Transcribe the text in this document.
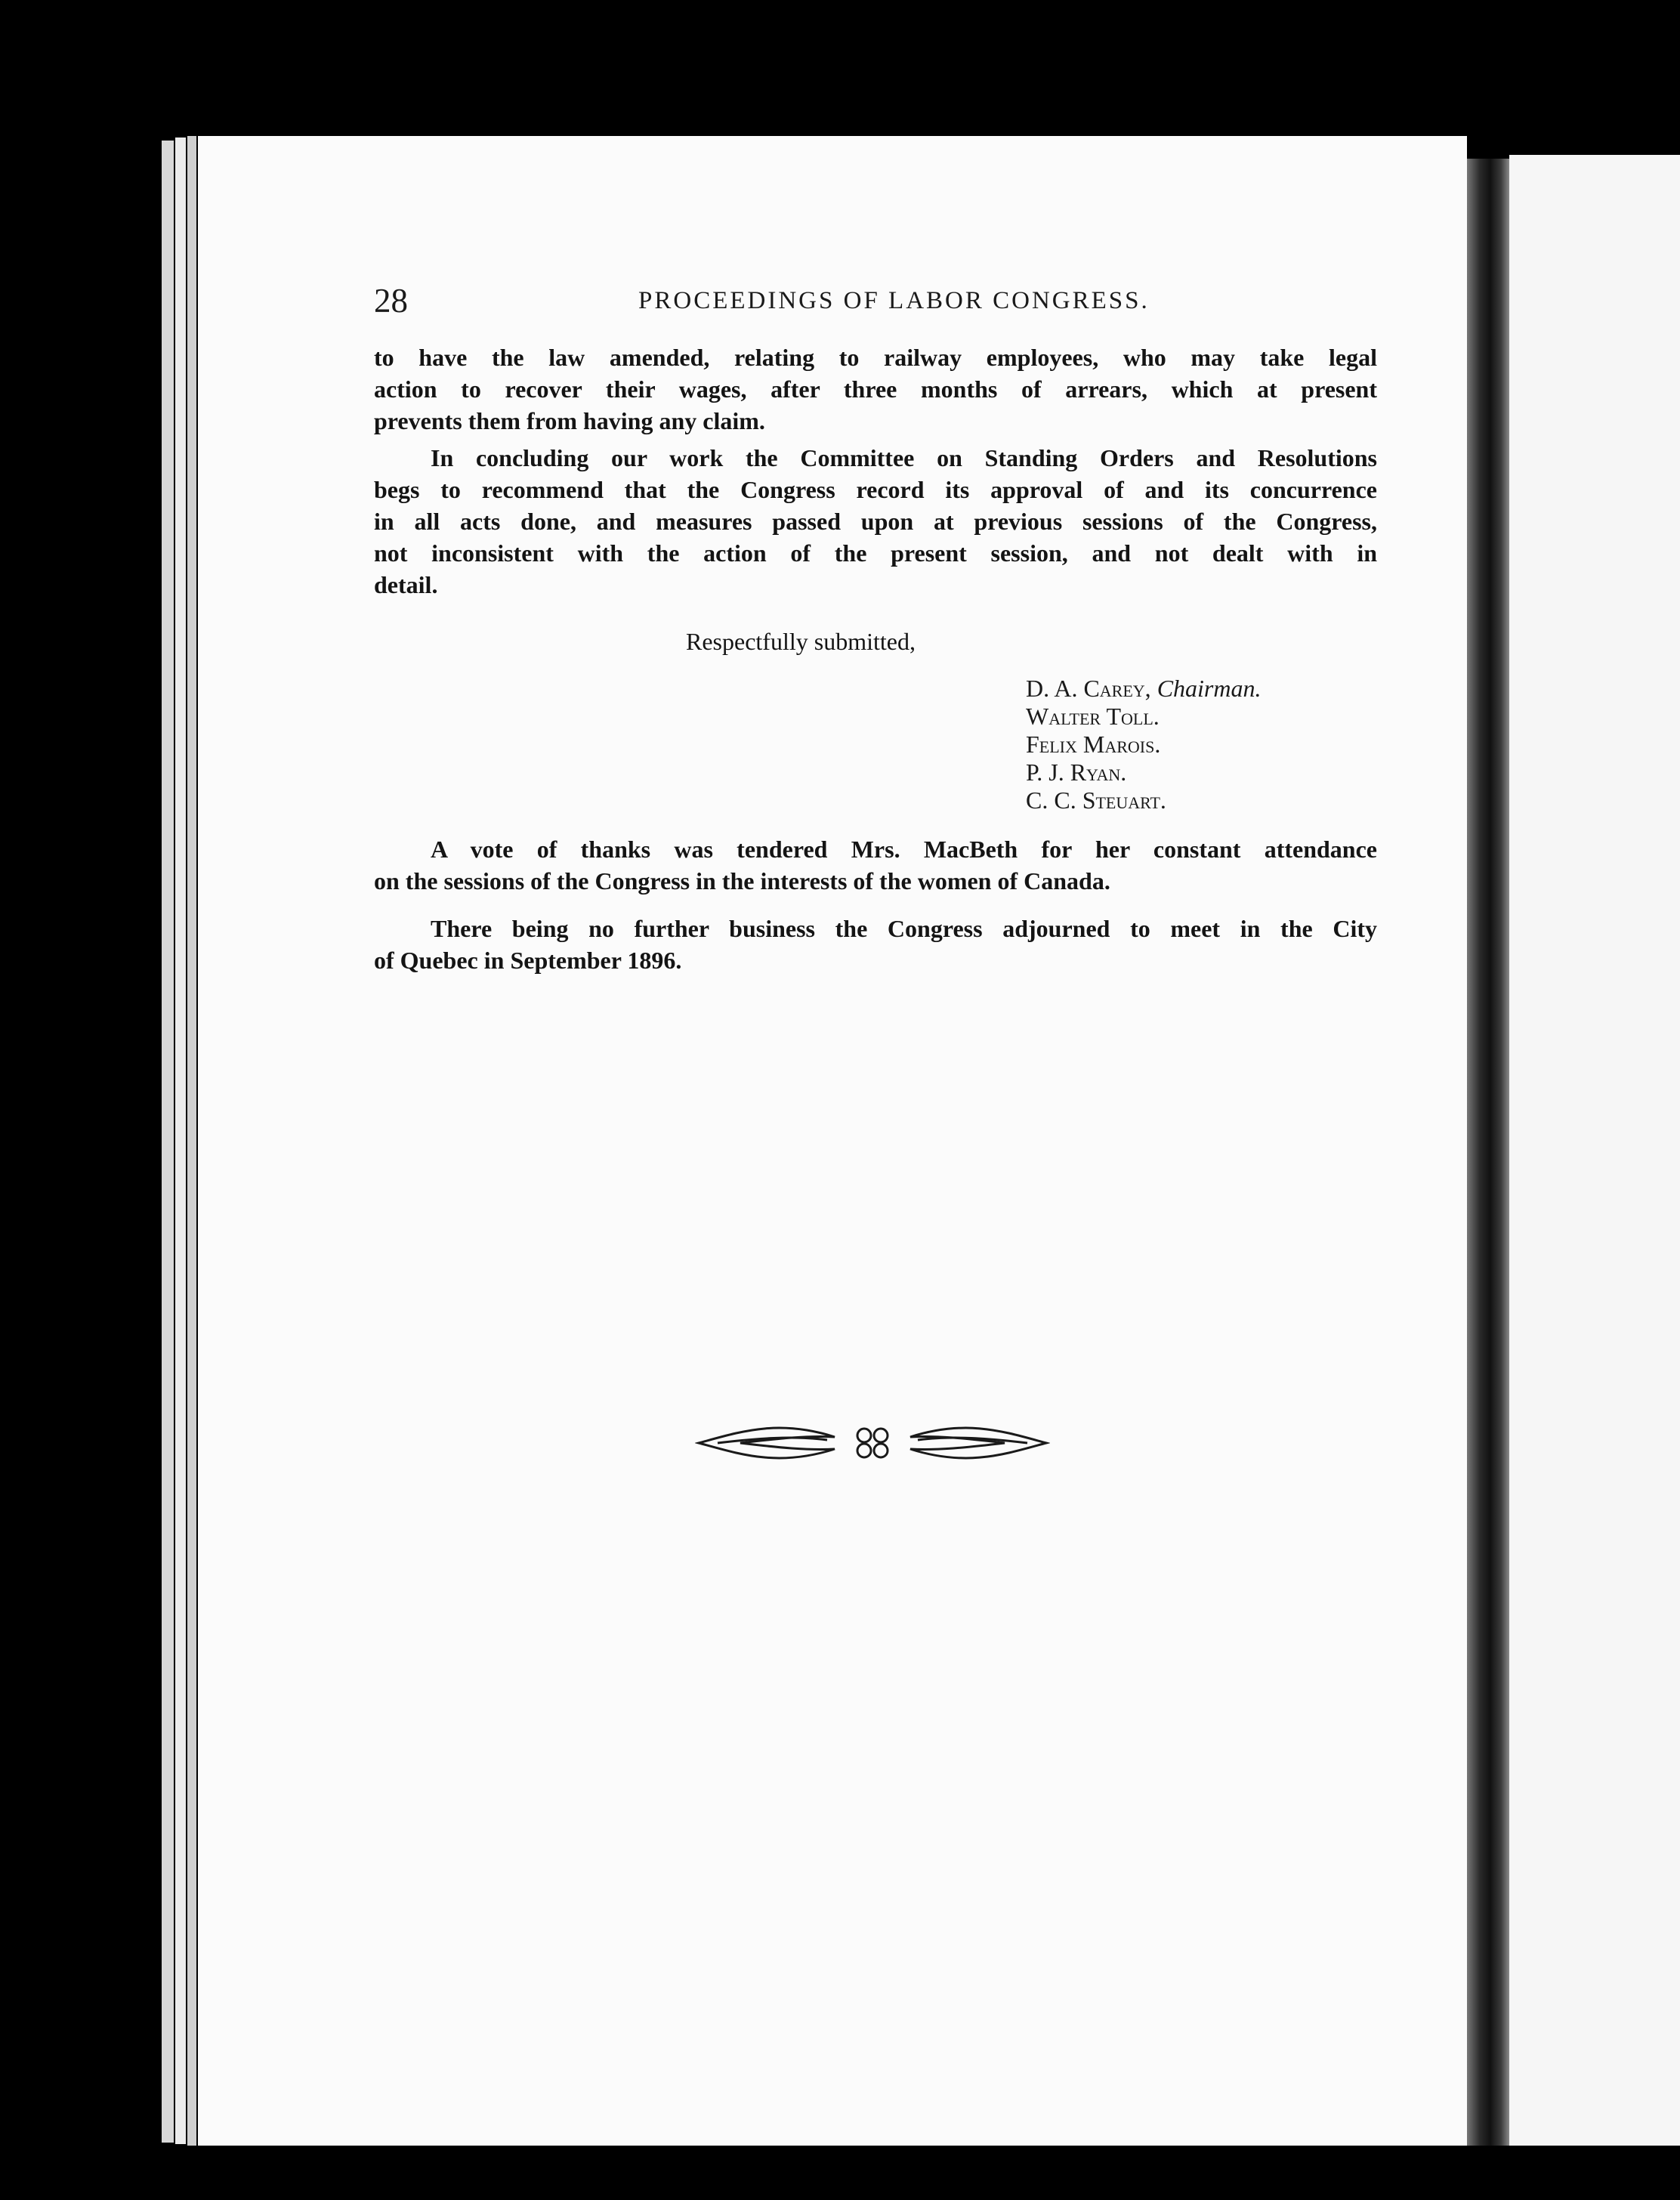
28	PROCEEDINGS OF LABOR CONGRESS.
to have the law amended, relating to railway employees, who may take legal
action to recover their wages, after three months of arrears, which at present
prevents them from having any claim.
In concluding our work the Committee on Standing Orders and Resolutions
begs to recommend that the Congress record its approval of and its concurrence
in all acts done, and measures passed upon at previous sessions of the Congress,
not inconsistent with the action of the present session, and not dealt with in
detail.
Respectfully submitted,
D. A. Carey, Chairman.
Walter Toll.
Felix Marois.
P. J. Ryan.
C. C. Steuart.
A vote of thanks was tendered Mrs. MacBeth for her constant attendance
on the sessions of the Congress in the interests of the women of Canada.
There being no further business the Congress adjourned to meet in the City
of Quebec in September 1896.
